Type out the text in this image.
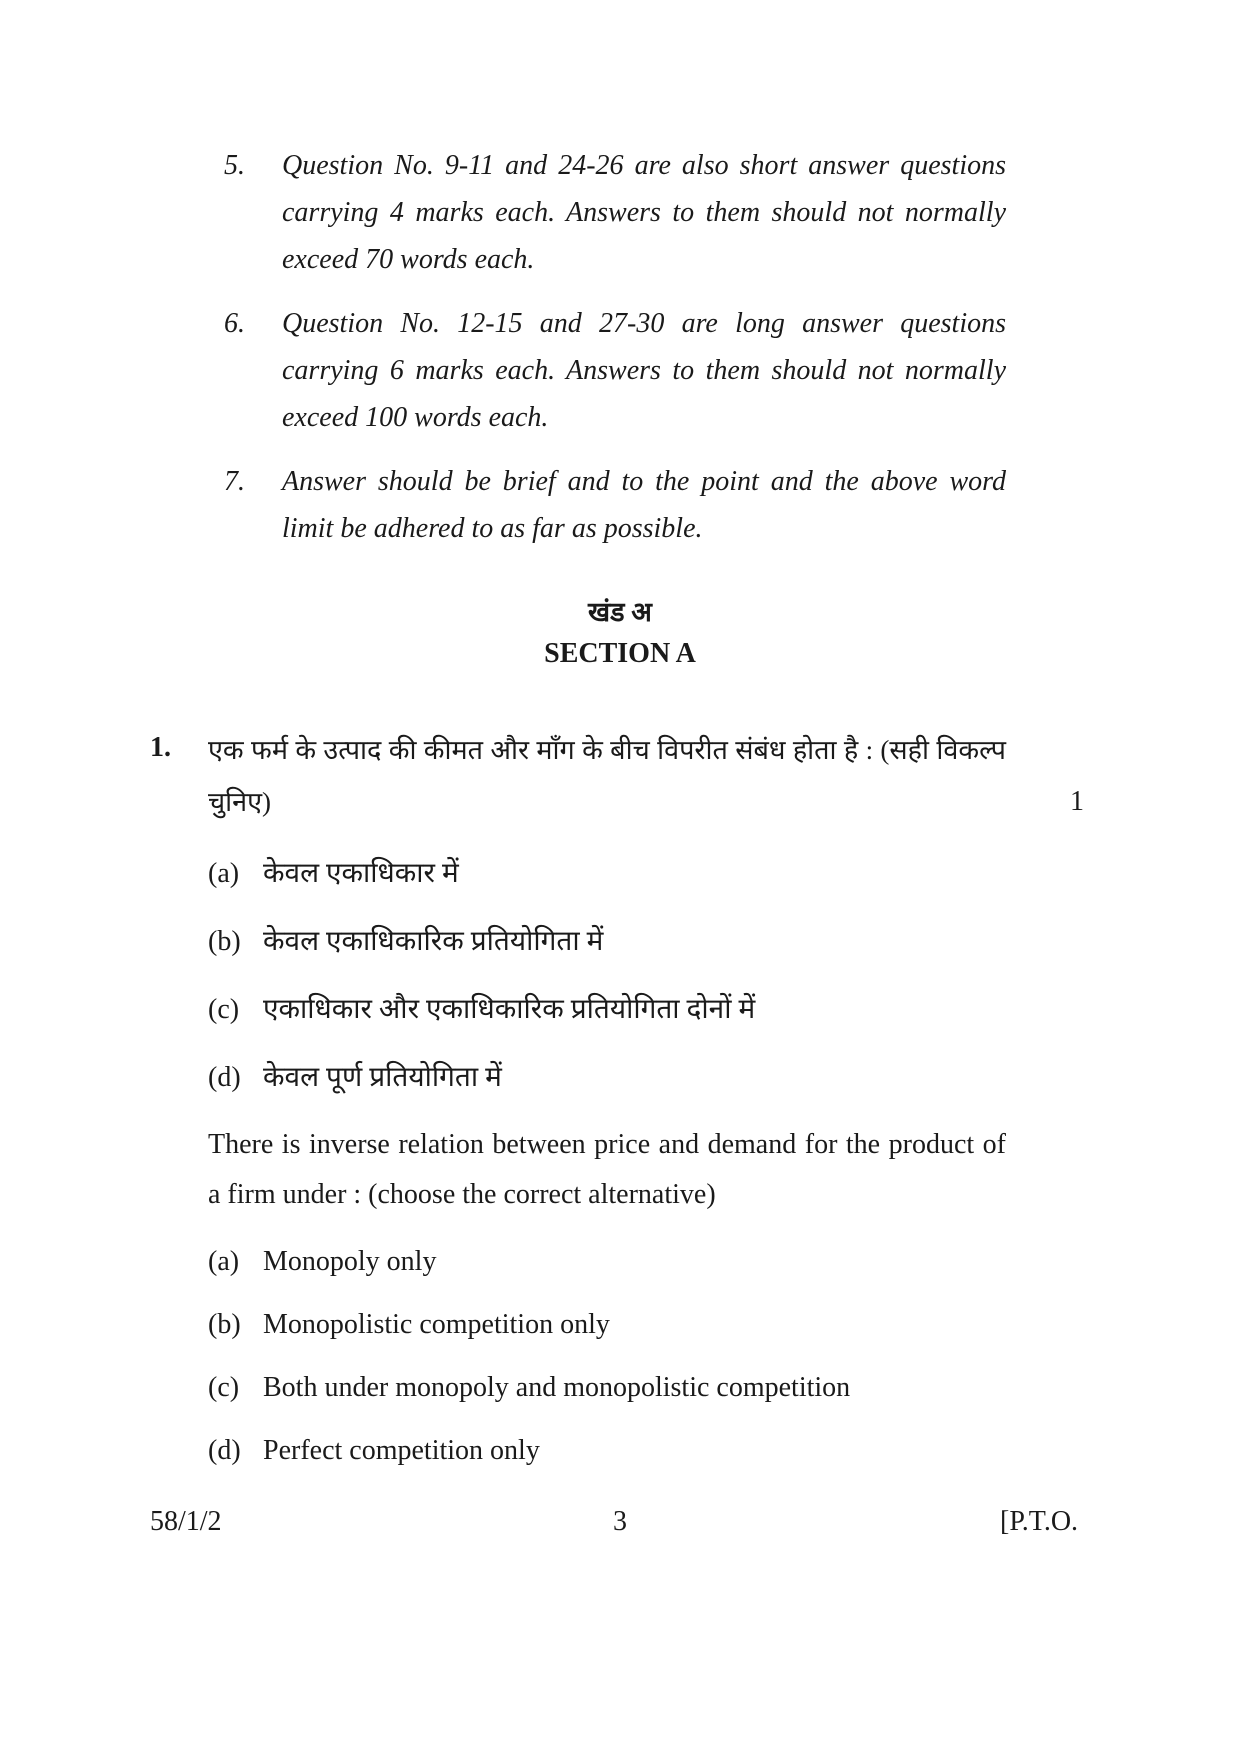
5. Question No. 9-11 and 24-26 are also short answer questions carrying 4 marks each. Answers to them should not normally exceed 70 words each.
6. Question No. 12-15 and 27-30 are long answer questions carrying 6 marks each. Answers to them should not normally exceed 100 words each.
7. Answer should be brief and to the point and the above word limit be adhered to as far as possible.
खंड अ
SECTION A
1. एक फर्म के उत्पाद की कीमत और माँग के बीच विपरीत संबंध होता है : (सही विकल्प चुनिए)	1
(a) केवल एकाधिकार में
(b) केवल एकाधिकारिक प्रतियोगिता में
(c) एकाधिकार और एकाधिकारिक प्रतियोगिता दोनों में
(d) केवल पूर्ण प्रतियोगिता में
There is inverse relation between price and demand for the product of a firm under : (choose the correct alternative)
(a) Monopoly only
(b) Monopolistic competition only
(c) Both under monopoly and monopolistic competition
(d) Perfect competition only
58/1/2	3	[P.T.O.
